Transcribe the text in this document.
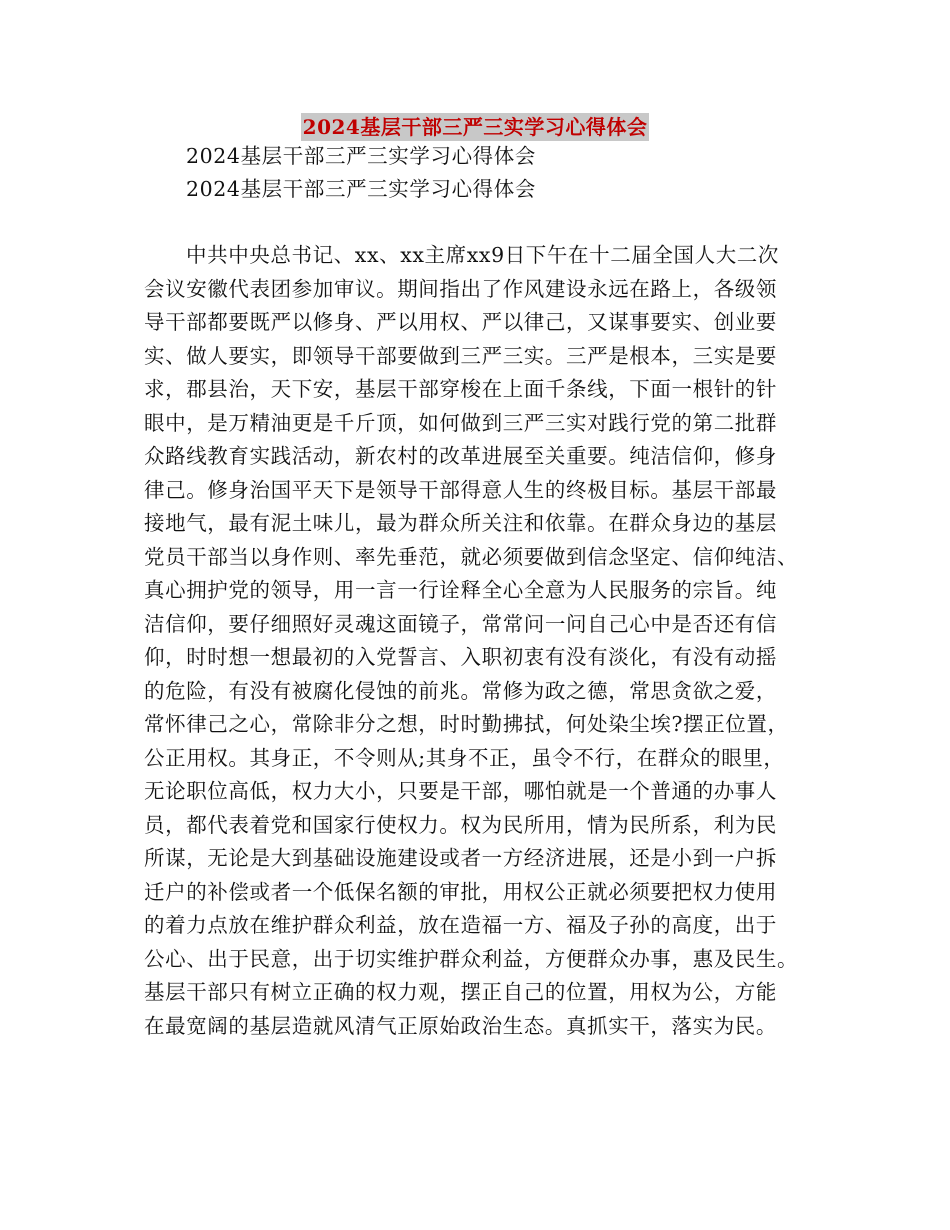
2024基层干部三严三实学习心得体会
2024基层干部三严三实学习心得体会
2024基层干部三严三实学习心得体会
中共中央总书记、xx、xx主席xx9日下午在十二届全国人大二次
会议安徽代表团参加审议。期间指出了作风建设永远在路上，各级领
导干部都要既严以修身、严以用权、严以律己，又谋事要实、创业要
实、做人要实，即领导干部要做到三严三实。三严是根本，三实是要
求，郡县治，天下安，基层干部穿梭在上面千条线，下面一根针的针
眼中，是万精油更是千斤顶，如何做到三严三实对践行党的第二批群
众路线教育实践活动，新农村的改革进展至关重要。纯洁信仰，修身
律己。修身治国平天下是领导干部得意人生的终极目标。基层干部最
接地气，最有泥土味儿，最为群众所关注和依靠。在群众身边的基层
党员干部当以身作则、率先垂范，就必须要做到信念坚定、信仰纯洁、
真心拥护党的领导，用一言一行诠释全心全意为人民服务的宗旨。纯
洁信仰，要仔细照好灵魂这面镜子，常常问一问自己心中是否还有信
仰，时时想一想最初的入党誓言、入职初衷有没有淡化，有没有动摇
的危险，有没有被腐化侵蚀的前兆。常修为政之德，常思贪欲之爱，
常怀律己之心，常除非分之想，时时勤拂拭，何处染尘埃?摆正位置，
公正用权。其身正，不令则从;其身不正，虽令不行，在群众的眼里，
无论职位高低，权力大小，只要是干部，哪怕就是一个普通的办事人
员，都代表着党和国家行使权力。权为民所用，情为民所系，利为民
所谋，无论是大到基础设施建设或者一方经济进展，还是小到一户拆
迁户的补偿或者一个低保名额的审批，用权公正就必须要把权力使用
的着力点放在维护群众利益，放在造福一方、福及子孙的高度，出于
公心、出于民意，出于切实维护群众利益，方便群众办事，惠及民生。
基层干部只有树立正确的权力观，摆正自己的位置，用权为公，方能
在最宽阔的基层造就风清气正原始政治生态。真抓实干，落实为民。
